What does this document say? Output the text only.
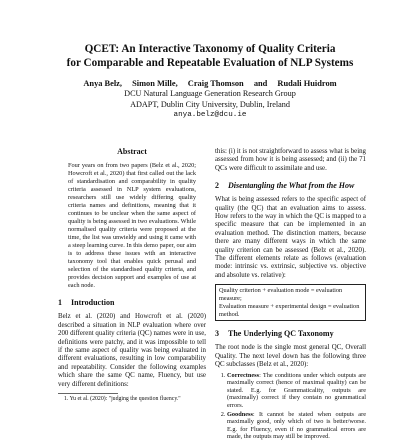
QCET: An Interactive Taxonomy of Quality Criteria
for Comparable and Repeatable Evaluation of NLP Systems
Anya Belz, Simon Mille, Craig Thomson and Rudali Huidrom
DCU Natural Language Generation Research Group
ADAPT, Dublin City University, Dublin, Ireland
anya.belz@dcu.ie
Abstract

Four years on from two papers (Belz et al., 2020; Howcroft et al., 2020) that first called out the lack of standardisation and comparability in quality criteria assessed in NLP system evaluations, researchers still use widely differing quality criteria names and definitions, meaning that it continues to be unclear when the same aspect of quality is being assessed in two evaluations. While normalised quality criteria were proposed at the time, the list was unwieldy and using it came with a steep learning curve. In this demo paper, our aim is to address these issues with an interactive taxonomy tool that enables quick perusal and selection of the standardised quality criteria, and provides decision support and examples of use at each node.

1 Introduction

Belz et al. (2020) and Howcroft et al. (2020) described a situation in NLP evaluation where over 200 different quality criteria (QC) names were in use, definitions were patchy, and it was impossible to tell if the same aspect of quality was being evaluated in different evaluations, resulting in low comparability and repeatability. Consider the following examples which share the same QC name, Fluency, but use very different definitions:

1. Yu et al. (2020): "judging the question fluency."

this: (i) it is not straightforward to assess what is being assessed from how it is being assessed; and (ii) the 71 QCs were difficult to assimilate and use.

2 Disentangling the What from the How

What is being assessed refers to the specific aspect of quality (the QC) that an evaluation aims to assess. How refers to the way in which the QC is mapped to a specific measure that can be implemented in an evaluation method. The distinction matters, because there are many different ways in which the same quality criterion can be assessed (Belz et al., 2020). The different elements relate as follows (evaluation mode: intrinsic vs. extrinsic, subjective vs. objective and absolute vs. relative):

Quality criterion + evaluation mode = evaluation measure;
Evaluation measure + experimental design = evaluation method.
3 The Underlying QC Taxonomy

The root node is the single most general QC, Overall Quality. The next level down has the following three QC subclasses (Belz et al., 2020):

1. Correctness: The conditions under which outputs are maximally correct (hence of maximal quality) can be stated. E.g. for Grammaticality, outputs are (maximally) correct if they contain no grammatical errors.
2. Goodness: It cannot be stated when outputs are maximally good, only which of two is better/worse. E.g. for Fluency, even if no grammatical errors are made, the outputs may still be improved.
